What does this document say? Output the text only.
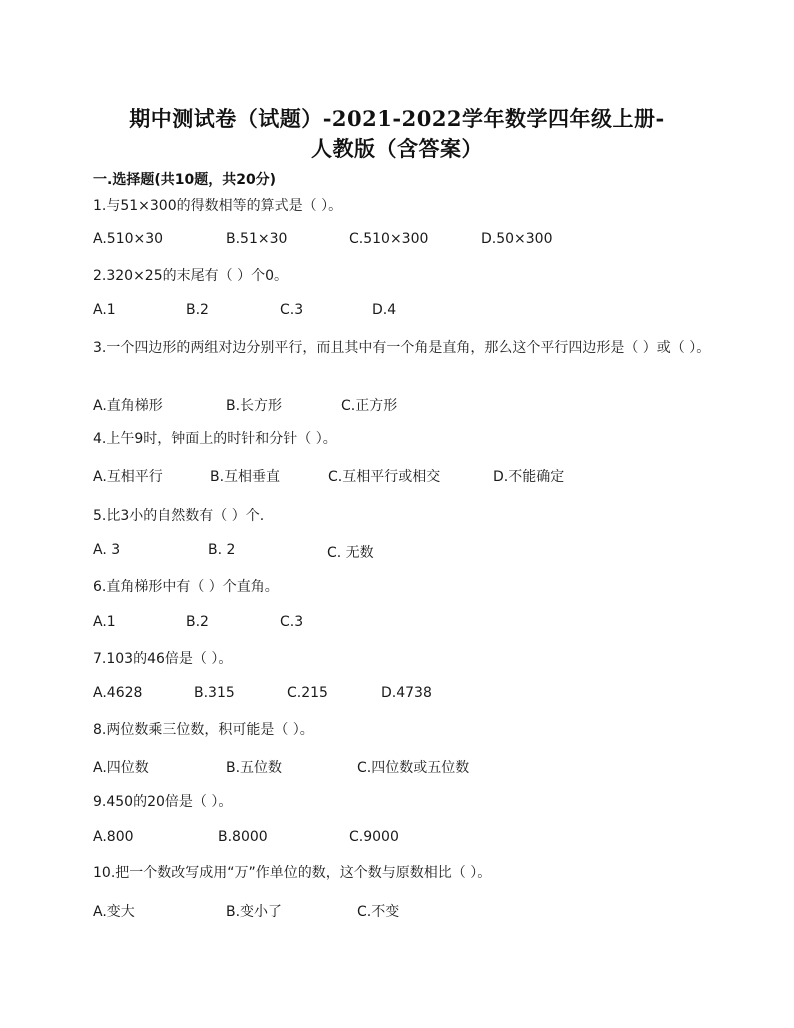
期中测试卷（试题）-2021-2022学年数学四年级上册-
人教版（含答案）
一.选择题(共10题，共20分)
1.与51×300的得数相等的算式是（ ）。
A.510×30	B.51×30	C.510×300	D.50×300
2.320×25的末尾有（ ）个0。
A.1	B.2	C.3	D.4
3.一个四边形的两组对边分别平行，而且其中有一个角是直角，那么这个平行四边形是（ ）或（ ）。
A.直角梯形	B.长方形	C.正方形
4.上午9时，钟面上的时针和分针（ ）。
A.互相平行	B.互相垂直	C.互相平行或相交	D.不能确定
5.比3小的自然数有（ ）个.
A. 3	B. 2	C. 无数
6.直角梯形中有（ ）个直角。
A.1	B.2	C.3
7.103的46倍是（ ）。
A.4628	B.315	C.215	D.4738
8.两位数乘三位数，积可能是（ ）。
A.四位数	B.五位数	C.四位数或五位数
9.450的20倍是（ ）。
A.800	B.8000	C.9000
10.把一个数改写成用“万”作单位的数，这个数与原数相比（ ）。
A.变大	B.变小了	C.不变
